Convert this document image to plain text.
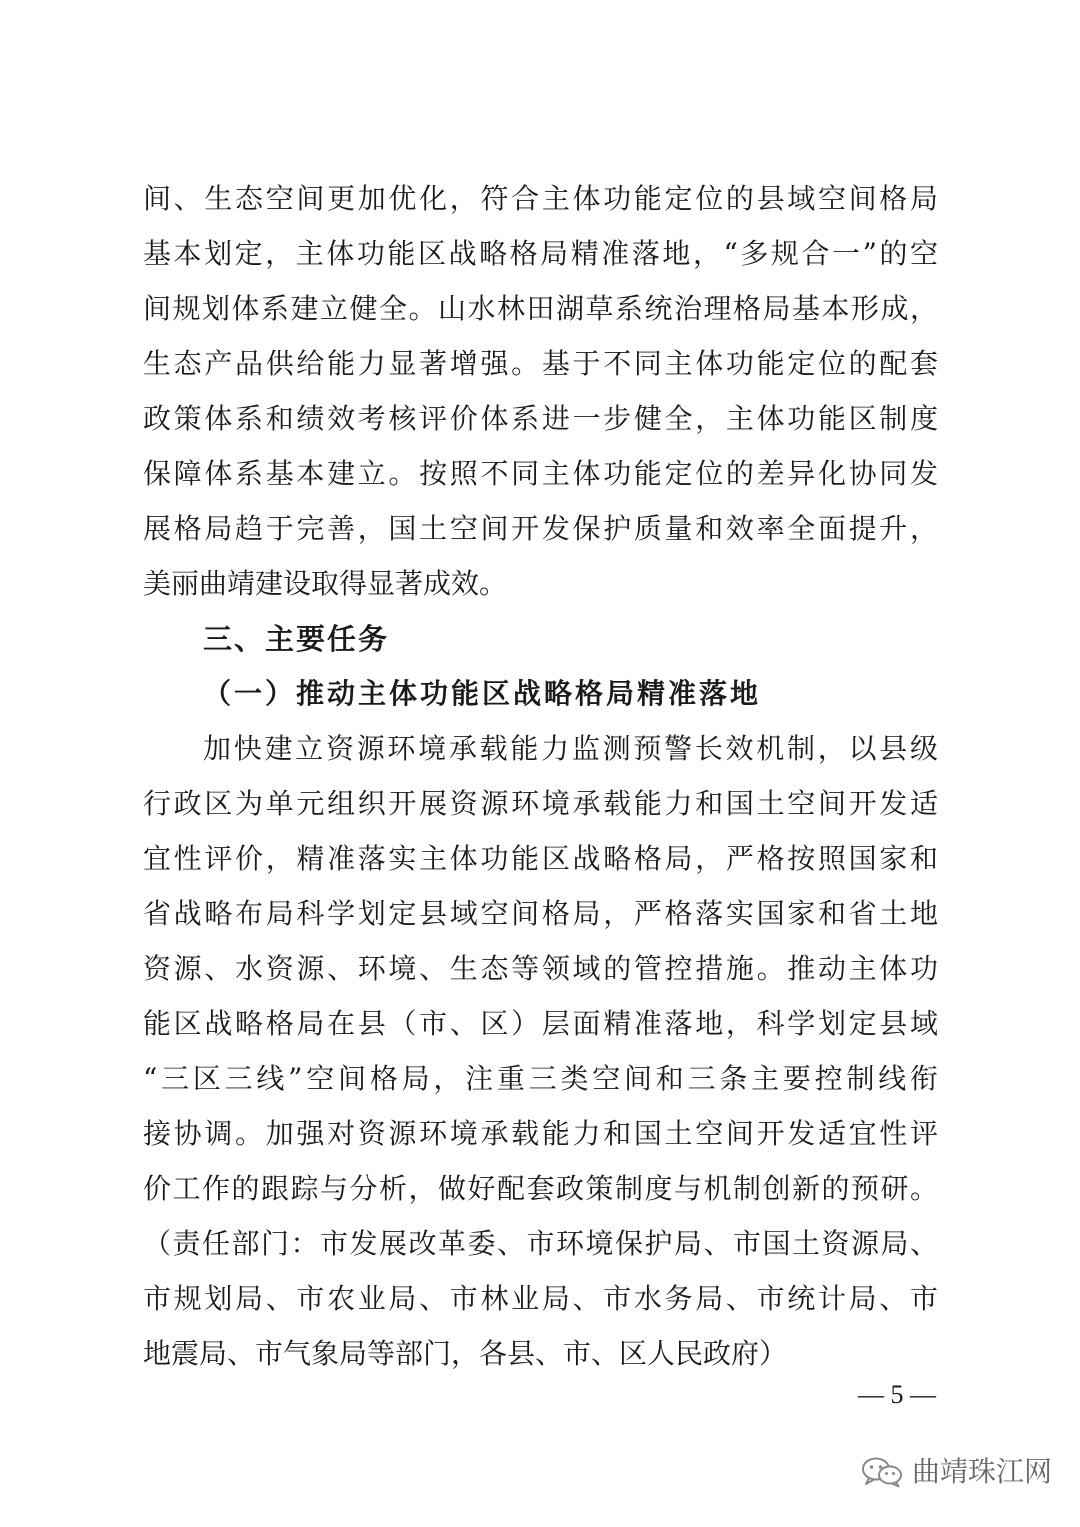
间、生态空间更加优化，符合主体功能定位的县域空间格局
基本划定，主体功能区战略格局精准落地，“多规合一”的空
间规划体系建立健全。山水林田湖草系统治理格局基本形成，
生态产品供给能力显著增强。基于不同主体功能定位的配套
政策体系和绩效考核评价体系进一步健全，主体功能区制度
保障体系基本建立。按照不同主体功能定位的差异化协同发
展格局趋于完善，国土空间开发保护质量和效率全面提升，
美丽曲靖建设取得显著成效。
三、主要任务
（一）推动主体功能区战略格局精准落地
加快建立资源环境承载能力监测预警长效机制，以县级
行政区为单元组织开展资源环境承载能力和国土空间开发适
宜性评价，精准落实主体功能区战略格局，严格按照国家和
省战略布局科学划定县域空间格局，严格落实国家和省土地
资源、水资源、环境、生态等领域的管控措施。推动主体功
能区战略格局在县（市、区）层面精准落地，科学划定县域
“三区三线”空间格局，注重三类空间和三条主要控制线衔
接协调。加强对资源环境承载能力和国土空间开发适宜性评
价工作的跟踪与分析，做好配套政策制度与机制创新的预研。
（责任部门：市发展改革委、市环境保护局、市国土资源局、
市规划局、市农业局、市林业局、市水务局、市统计局、市
地震局、市气象局等部门，各县、市、区人民政府）
— 5 —
曲靖珠江网
